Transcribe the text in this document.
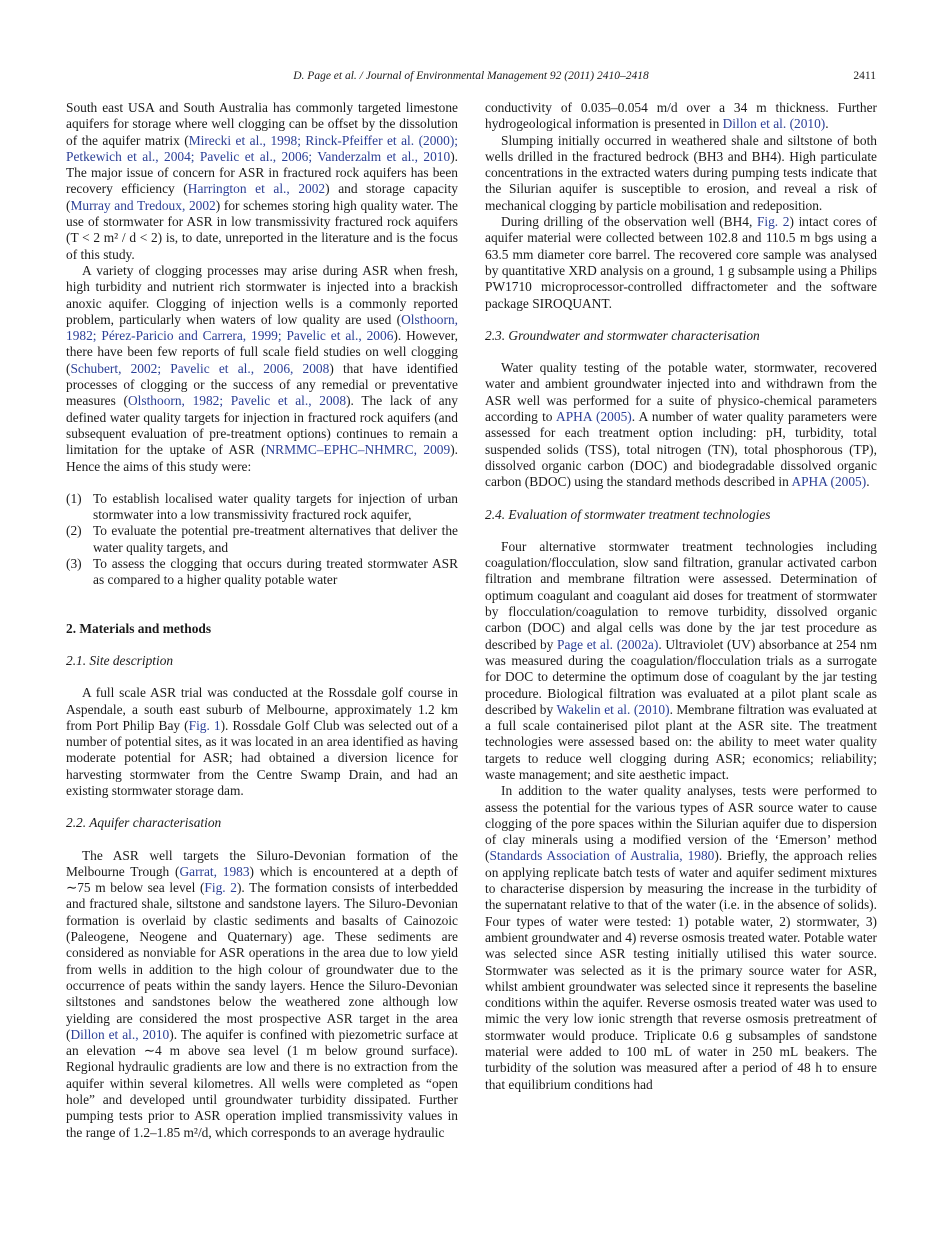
D. Page et al. / Journal of Environmental Management 92 (2011) 2410–2418	2411

South east USA and South Australia has commonly targeted limestone aquifers for storage where well clogging can be offset by the dissolution of the aquifer matrix (Mirecki et al., 1998; Rinck-Pfeiffer et al. (2000); Petkewich et al., 2004; Pavelic et al., 2006; Vanderzalm et al., 2010). The major issue of concern for ASR in fractured rock aquifers has been recovery efficiency (Harrington et al., 2002) and storage capacity (Murray and Tredoux, 2002) for schemes storing high quality water. The use of stormwater for ASR in low transmissivity fractured rock aquifers (T < 2 m² / d < 2) is, to date, unreported in the literature and is the focus of this study.

A variety of clogging processes may arise during ASR when fresh, high turbidity and nutrient rich stormwater is injected into a brackish anoxic aquifer. Clogging of injection wells is a commonly reported problem, particularly when waters of low quality are used (Olsthoorn, 1982; Pérez-Paricio and Carrera, 1999; Pavelic et al., 2006). However, there have been few reports of full scale field studies on well clogging (Schubert, 2002; Pavelic et al., 2006, 2008) that have identified processes of clogging or the success of any remedial or preventative measures (Olsthoorn, 1982; Pavelic et al., 2008). The lack of any defined water quality targets for injection in fractured rock aquifers (and subsequent evaluation of pre-treatment options) continues to remain a limitation for the uptake of ASR (NRMMC–EPHC–NHMRC, 2009). Hence the aims of this study were:

(1) To establish localised water quality targets for injection of urban stormwater into a low transmissivity fractured rock aquifer,
(2) To evaluate the potential pre-treatment alternatives that deliver the water quality targets, and
(3) To assess the clogging that occurs during treated stormwater ASR as compared to a higher quality potable water
2. Materials and methods
2.1. Site description

A full scale ASR trial was conducted at the Rossdale golf course in Aspendale, a south east suburb of Melbourne, approximately 1.2 km from Port Philip Bay (Fig. 1). Rossdale Golf Club was selected out of a number of potential sites, as it was located in an area identified as having moderate potential for ASR; had obtained a diversion licence for harvesting stormwater from the Centre Swamp Drain, and had an existing stormwater storage dam.

2.2. Aquifer characterisation

The ASR well targets the Siluro-Devonian formation of the Melbourne Trough (Garrat, 1983) which is encountered at a depth of ∼75 m below sea level (Fig. 2). The formation consists of interbedded and fractured shale, siltstone and sandstone layers. The Siluro-Devonian formation is overlaid by clastic sediments and basalts of Cainozoic (Paleogene, Neogene and Quaternary) age. These sediments are considered as nonviable for ASR operations in the area due to low yield from wells in addition to the high colour of groundwater due to the occurrence of peats within the sandy layers. Hence the Siluro-Devonian siltstones and sandstones below the weathered zone although low yielding are considered the most prospective ASR target in the area (Dillon et al., 2010). The aquifer is confined with piezometric surface at an elevation ∼4 m above sea level (1 m below ground surface). Regional hydraulic gradients are low and there is no extraction from the aquifer within several kilometres. All wells were completed as “open hole” and developed until groundwater turbidity dissipated. Further pumping tests prior to ASR operation implied transmissivity values in the range of 1.2–1.85 m²/d, which corresponds to an average hydraulic

conductivity of 0.035–0.054 m/d over a 34 m thickness. Further hydrogeological information is presented in Dillon et al. (2010).

Slumping initially occurred in weathered shale and siltstone of both wells drilled in the fractured bedrock (BH3 and BH4). High particulate concentrations in the extracted waters during pumping tests indicate that the Silurian aquifer is susceptible to erosion, and reveal a risk of mechanical clogging by particle mobilisation and redeposition.

During drilling of the observation well (BH4, Fig. 2) intact cores of aquifer material were collected between 102.8 and 110.5 m bgs using a 63.5 mm diameter core barrel. The recovered core sample was analysed by quantitative XRD analysis on a ground, 1 g subsample using a Philips PW1710 microprocessor-controlled diffractometer and the software package SIROQUANT.

2.3. Groundwater and stormwater characterisation

Water quality testing of the potable water, stormwater, recovered water and ambient groundwater injected into and withdrawn from the ASR well was performed for a suite of physico-chemical parameters according to APHA (2005). A number of water quality parameters were assessed for each treatment option including: pH, turbidity, total suspended solids (TSS), total nitrogen (TN), total phosphorous (TP), dissolved organic carbon (DOC) and biodegradable dissolved organic carbon (BDOC) using the standard methods described in APHA (2005).

2.4. Evaluation of stormwater treatment technologies

Four alternative stormwater treatment technologies including coagulation/flocculation, slow sand filtration, granular activated carbon filtration and membrane filtration were assessed. Determination of optimum coagulant and coagulant aid doses for treatment of stormwater by flocculation/coagulation to remove turbidity, dissolved organic carbon (DOC) and algal cells was done by the jar test procedure as described by Page et al. (2002a). Ultraviolet (UV) absorbance at 254 nm was measured during the coagulation/flocculation trials as a surrogate for DOC to determine the optimum dose of coagulant by the jar testing procedure. Biological filtration was evaluated at a pilot plant scale as described by Wakelin et al. (2010). Membrane filtration was evaluated at a full scale containerised pilot plant at the ASR site. The treatment technologies were assessed based on: the ability to meet water quality targets to reduce well clogging during ASR; economics; reliability; waste management; and site aesthetic impact.

In addition to the water quality analyses, tests were performed to assess the potential for the various types of ASR source water to cause clogging of the pore spaces within the Silurian aquifer due to dispersion of clay minerals using a modified version of the ‘Emerson’ method (Standards Association of Australia, 1980). Briefly, the approach relies on applying replicate batch tests of water and aquifer sediment mixtures to characterise dispersion by measuring the increase in the turbidity of the supernatant relative to that of the water (i.e. in the absence of solids). Four types of water were tested: 1) potable water, 2) stormwater, 3) ambient groundwater and 4) reverse osmosis treated water. Potable water was selected since ASR testing initially utilised this water source. Stormwater was selected as it is the primary source water for ASR, whilst ambient groundwater was selected since it represents the baseline conditions within the aquifer. Reverse osmosis treated water was used to mimic the very low ionic strength that reverse osmosis pretreatment of stormwater would produce. Triplicate 0.6 g subsamples of sandstone material were added to 100 mL of water in 250 mL beakers. The turbidity of the solution was measured after a period of 48 h to ensure that equilibrium conditions had
